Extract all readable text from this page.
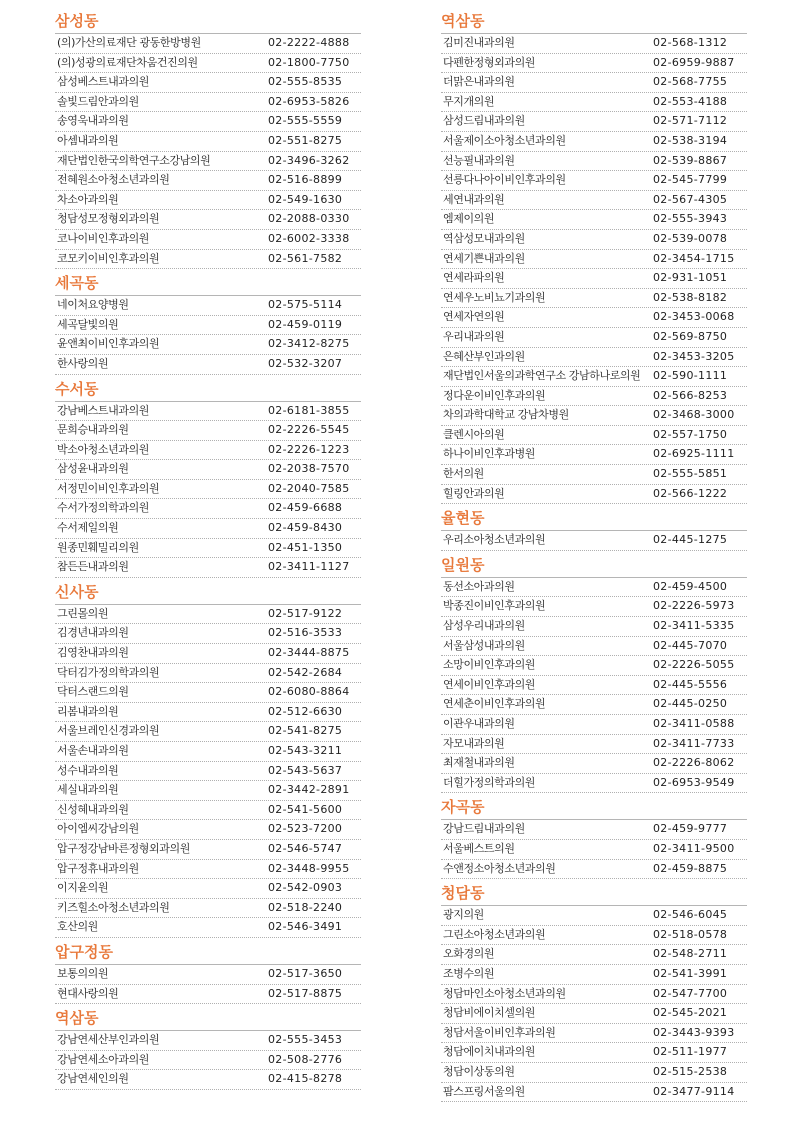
삼성동
(의)가산의료재단 광동한방병원	02-2222-4888
(의)성광의료재단차움건진의원	02-1800-7750
삼성베스트내과의원	02-555-8535
솔빛드림안과의원	02-6953-5826
송영욱내과의원	02-555-5559
아셈내과의원	02-551-8275
재단법인한국의학연구소강남의원	02-3496-3262
전혜원소아청소년과의원	02-516-8899
차소아과의원	02-549-1630
청담성모정형외과의원	02-2088-0330
코나이비인후과의원	02-6002-3338
코모키이비인후과의원	02-561-7582
세곡동
네이처요양병원	02-575-5114
세곡달빛의원	02-459-0119
윤앤최이비인후과의원	02-3412-8275
한사랑의원	02-532-3207
수서동
강남베스트내과의원	02-6181-3855
문희승내과의원	02-2226-5545
박소아청소년과의원	02-2226-1223
삼성윤내과의원	02-2038-7570
서정민이비인후과의원	02-2040-7585
수서가정의학과의원	02-459-6688
수서제일의원	02-459-8430
원종민훼밀리의원	02-451-1350
참든든내과의원	02-3411-1127
신사동
그린몰의원	02-517-9122
김경년내과의원	02-516-3533
김영찬내과의원	02-3444-8875
닥터김가정의학과의원	02-542-2684
닥터스랜드의원	02-6080-8864
리봄내과의원	02-512-6630
서울브레인신경과의원	02-541-8275
서울손내과의원	02-543-3211
성수내과의원	02-543-5637
세실내과의원	02-3442-2891
신성혜내과의원	02-541-5600
아이엠씨강남의원	02-523-7200
압구정강남바른정형외과의원	02-546-5747
압구정휴내과의원	02-3448-9955
이지윤의원	02-542-0903
키즈힐소아청소년과의원	02-518-2240
호산의원	02-546-3491
압구정동
보통의의원	02-517-3650
현대사랑의원	02-517-8875
역삼동
강남연세산부인과의원	02-555-3453
강남연세소아과의원	02-508-2776
강남연세인의원	02-415-8278
역삼동
김미진내과의원	02-568-1312
다펜한정형외과의원	02-6959-9887
더맑은내과의원	02-568-7755
무지개의원	02-553-4188
삼성드림내과의원	02-571-7112
서울제이소아청소년과의원	02-538-3194
선능필내과의원	02-539-8867
선릉다나아이비인후과의원	02-545-7799
세연내과의원	02-567-4305
엠제이의원	02-555-3943
역삼성모내과의원	02-539-0078
연세기쁜내과의원	02-3454-1715
연세라파의원	02-931-1051
연세우노비뇨기과의원	02-538-8182
연세자연의원	02-3453-0068
우리내과의원	02-569-8750
은혜산부인과의원	02-3453-3205
재단법인서울의과학연구소 강남하나로의원 02-590-1111
정다운이비인후과의원	02-566-8253
차의과학대학교 강남차병원	02-3468-3000
클렌시아의원	02-557-1750
하나이비인후과병원	02-6925-1111
한서의원	02-555-5851
힐링안과의원	02-566-1222
율현동
우리소아청소년과의원	02-445-1275
일원동
동선소아과의원	02-459-4500
박종진이비인후과의원	02-2226-5973
삼성우리내과의원	02-3411-5335
서울삼성내과의원	02-445-7070
소망이비인후과의원	02-2226-5055
연세이비인후과의원	02-445-5556
연세춘이비인후과의원	02-445-0250
이관우내과의원	02-3411-0588
자모내과의원	02-3411-7733
최재철내과의원	02-2226-8062
더힐가정의학과의원	02-6953-9549
자곡동
강남드림내과의원	02-459-9777
서울베스트의원	02-3411-9500
수앤정소아청소년과의원	02-459-8875
청담동
광지의원	02-546-6045
그린소아청소년과의원	02-518-0578
오화경의원	02-548-2711
조병수의원	02-541-3991
청담마인소아청소년과의원	02-547-7700
청담비에이치셀의원	02-545-2021
청담서울이비인후과의원	02-3443-9393
청담에이치내과의원	02-511-1977
청담이상동의원	02-515-2538
팜스프링서울의원	02-3477-9114
